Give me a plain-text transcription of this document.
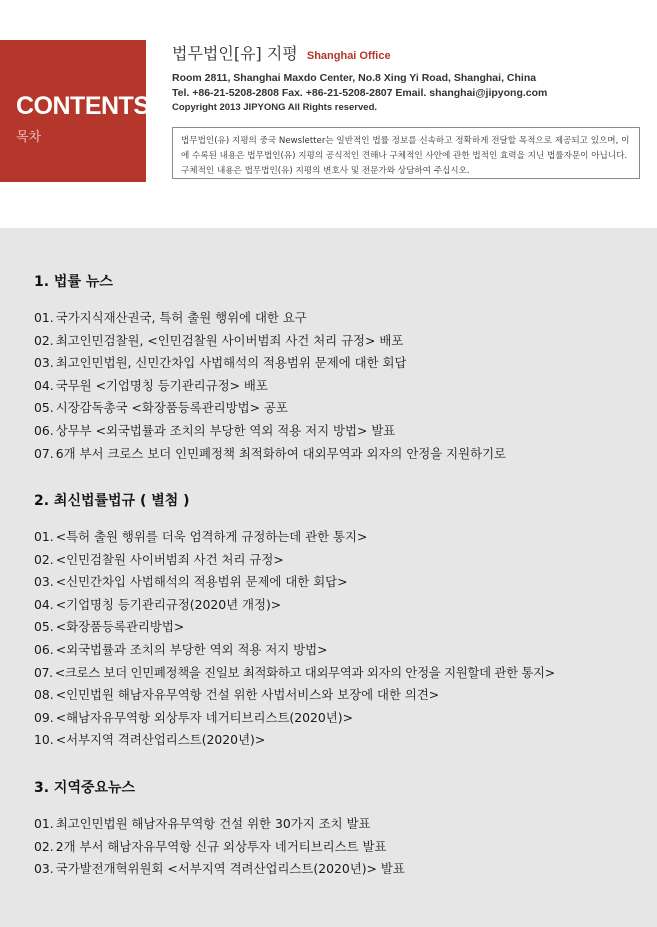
CONTENTS
목차
법무법인[유] 지평 Shanghai Office
Room 2811, Shanghai Maxdo Center, No.8 Xing Yi Road, Shanghai, China
Tel. +86-21-5208-2808 Fax. +86-21-5208-2807 Email. shanghai@jipyong.com
Copyright 2013 JIPYONG All Rights reserved.
법무법인(유) 지평의 중국 Newsletter는 일반적인 법률 정보를 신속하고 정확하게 전달할 목적으로 제공되고 있으며, 이에 수록된 내용은 법무법인(유) 지평의 공식적인 견해나 구체적인 사안에 관한 법적인 효력을 지닌 법률자문이 아닙니다. 구체적인 내용은 법무법인(유) 지평의 변호사 및 전문가와 상담하여 주십시오.
1. 법률 뉴스
01. 국가지식재산권국, 특허 출원 행위에 대한 요구
02. 최고인민검찰원, <인민검찰원 사이버범죄 사건 처리 규정> 배포
03. 최고인민법원, 신민간차입 사법해석의 적용범위 문제에 대한 회답
04. 국무원 <기업명칭 등기관리규정> 배포
05. 시장감독총국 <화장품등록관리방법> 공포
06. 상무부 <외국법률과 조치의 부당한 역외 적용 저지 방법> 발표
07. 6개 부서 크로스 보더 인민폐정책 최적화하여 대외무역과 외자의 안정을 지원하기로
2. 최신법률법규 ( 별첨 )
01. <특허 출원 행위를 더욱 엄격하게 규정하는데 관한 통지>
02. <인민검찰원 사이버범죄 사건 처리 규정>
03. <신민간차입 사법해석의 적용범위 문제에 대한 회답>
04. <기업명칭 등기관리규정(2020년 개정)>
05. <화장품등록관리방법>
06. <외국법률과 조치의 부당한 역외 적용 저지 방법>
07. <크로스 보더 인민폐정책을 진일보 최적화하고 대외무역과 외자의 안정을 지원할데 관한 통지>
08. <인민법원 해남자유무역항 건설 위한 사법서비스와 보장에 대한 의견>
09. <해남자유무역항 외상투자 네거티브리스트(2020년)>
10. <서부지역 격려산업리스트(2020년)>
3. 지역중요뉴스
01. 최고인민법원 해남자유무역항 건설 위한 30가지 조치 발표
02. 2개 부서 해남자유무역항 신규 외상투자 네거티브리스트 발표
03. 국가발전개혁위원회 <서부지역 격려산업리스트(2020년)> 발표
